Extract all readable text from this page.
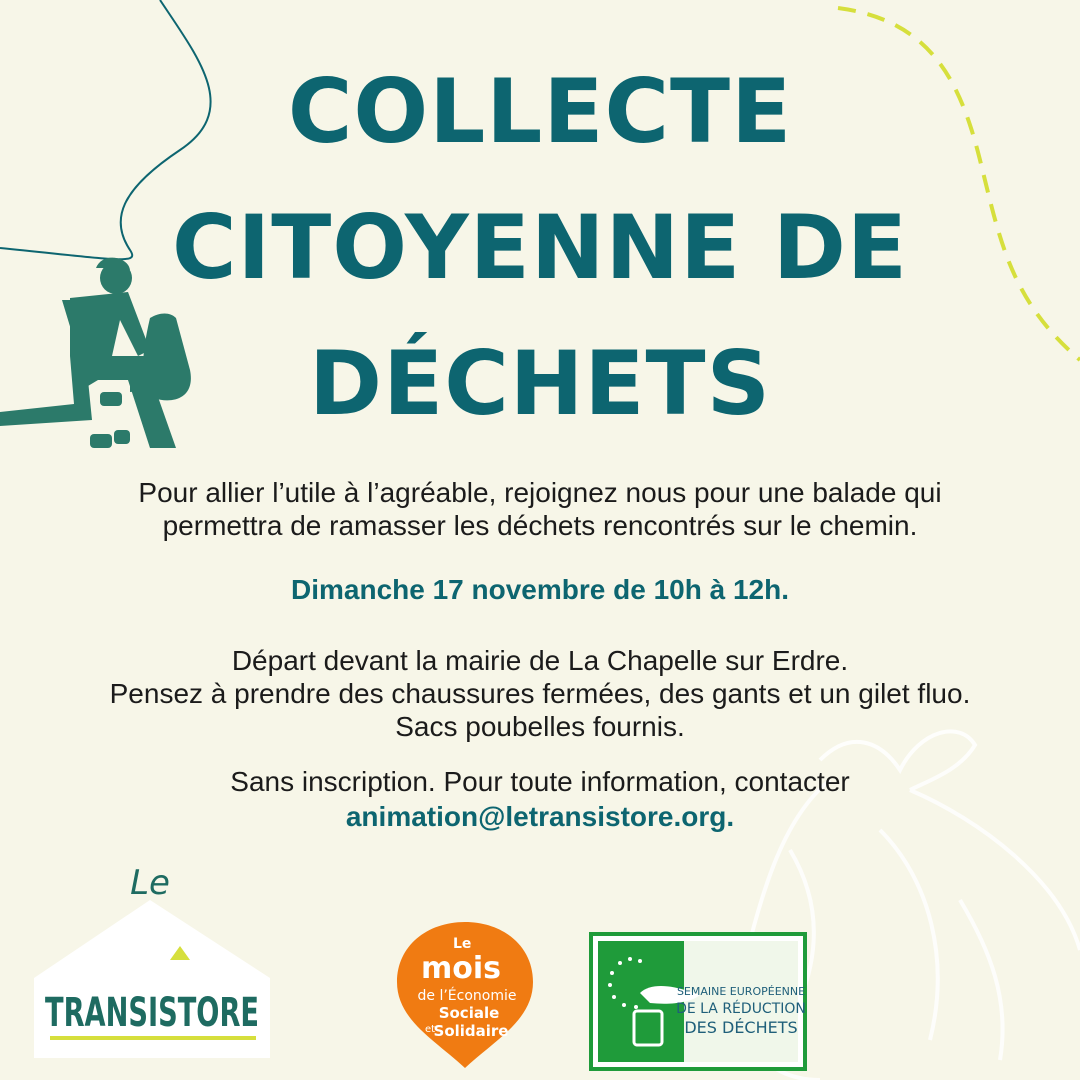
COLLECTE
CITOYENNE DE
DÉCHETS
Pour allier l’utile à l’agréable, rejoignez nous pour une balade qui
permettra de ramasser les déchets rencontrés sur le chemin.
Dimanche 17 novembre de 10h à 12h.
Départ devant la mairie de La Chapelle sur Erdre.
Pensez à prendre des chaussures fermées, des gants et un gilet fluo.
Sacs poubelles fournis.
Sans inscription. Pour toute information, contacter
animation@letransistore.org.
Le
TRANSISTORE
Le
mois
de l’Économie
Sociale
et
Solidaire
SEMAINE EUROPÉENNE
DE LA RÉDUCTION
DES DÉCHETS
